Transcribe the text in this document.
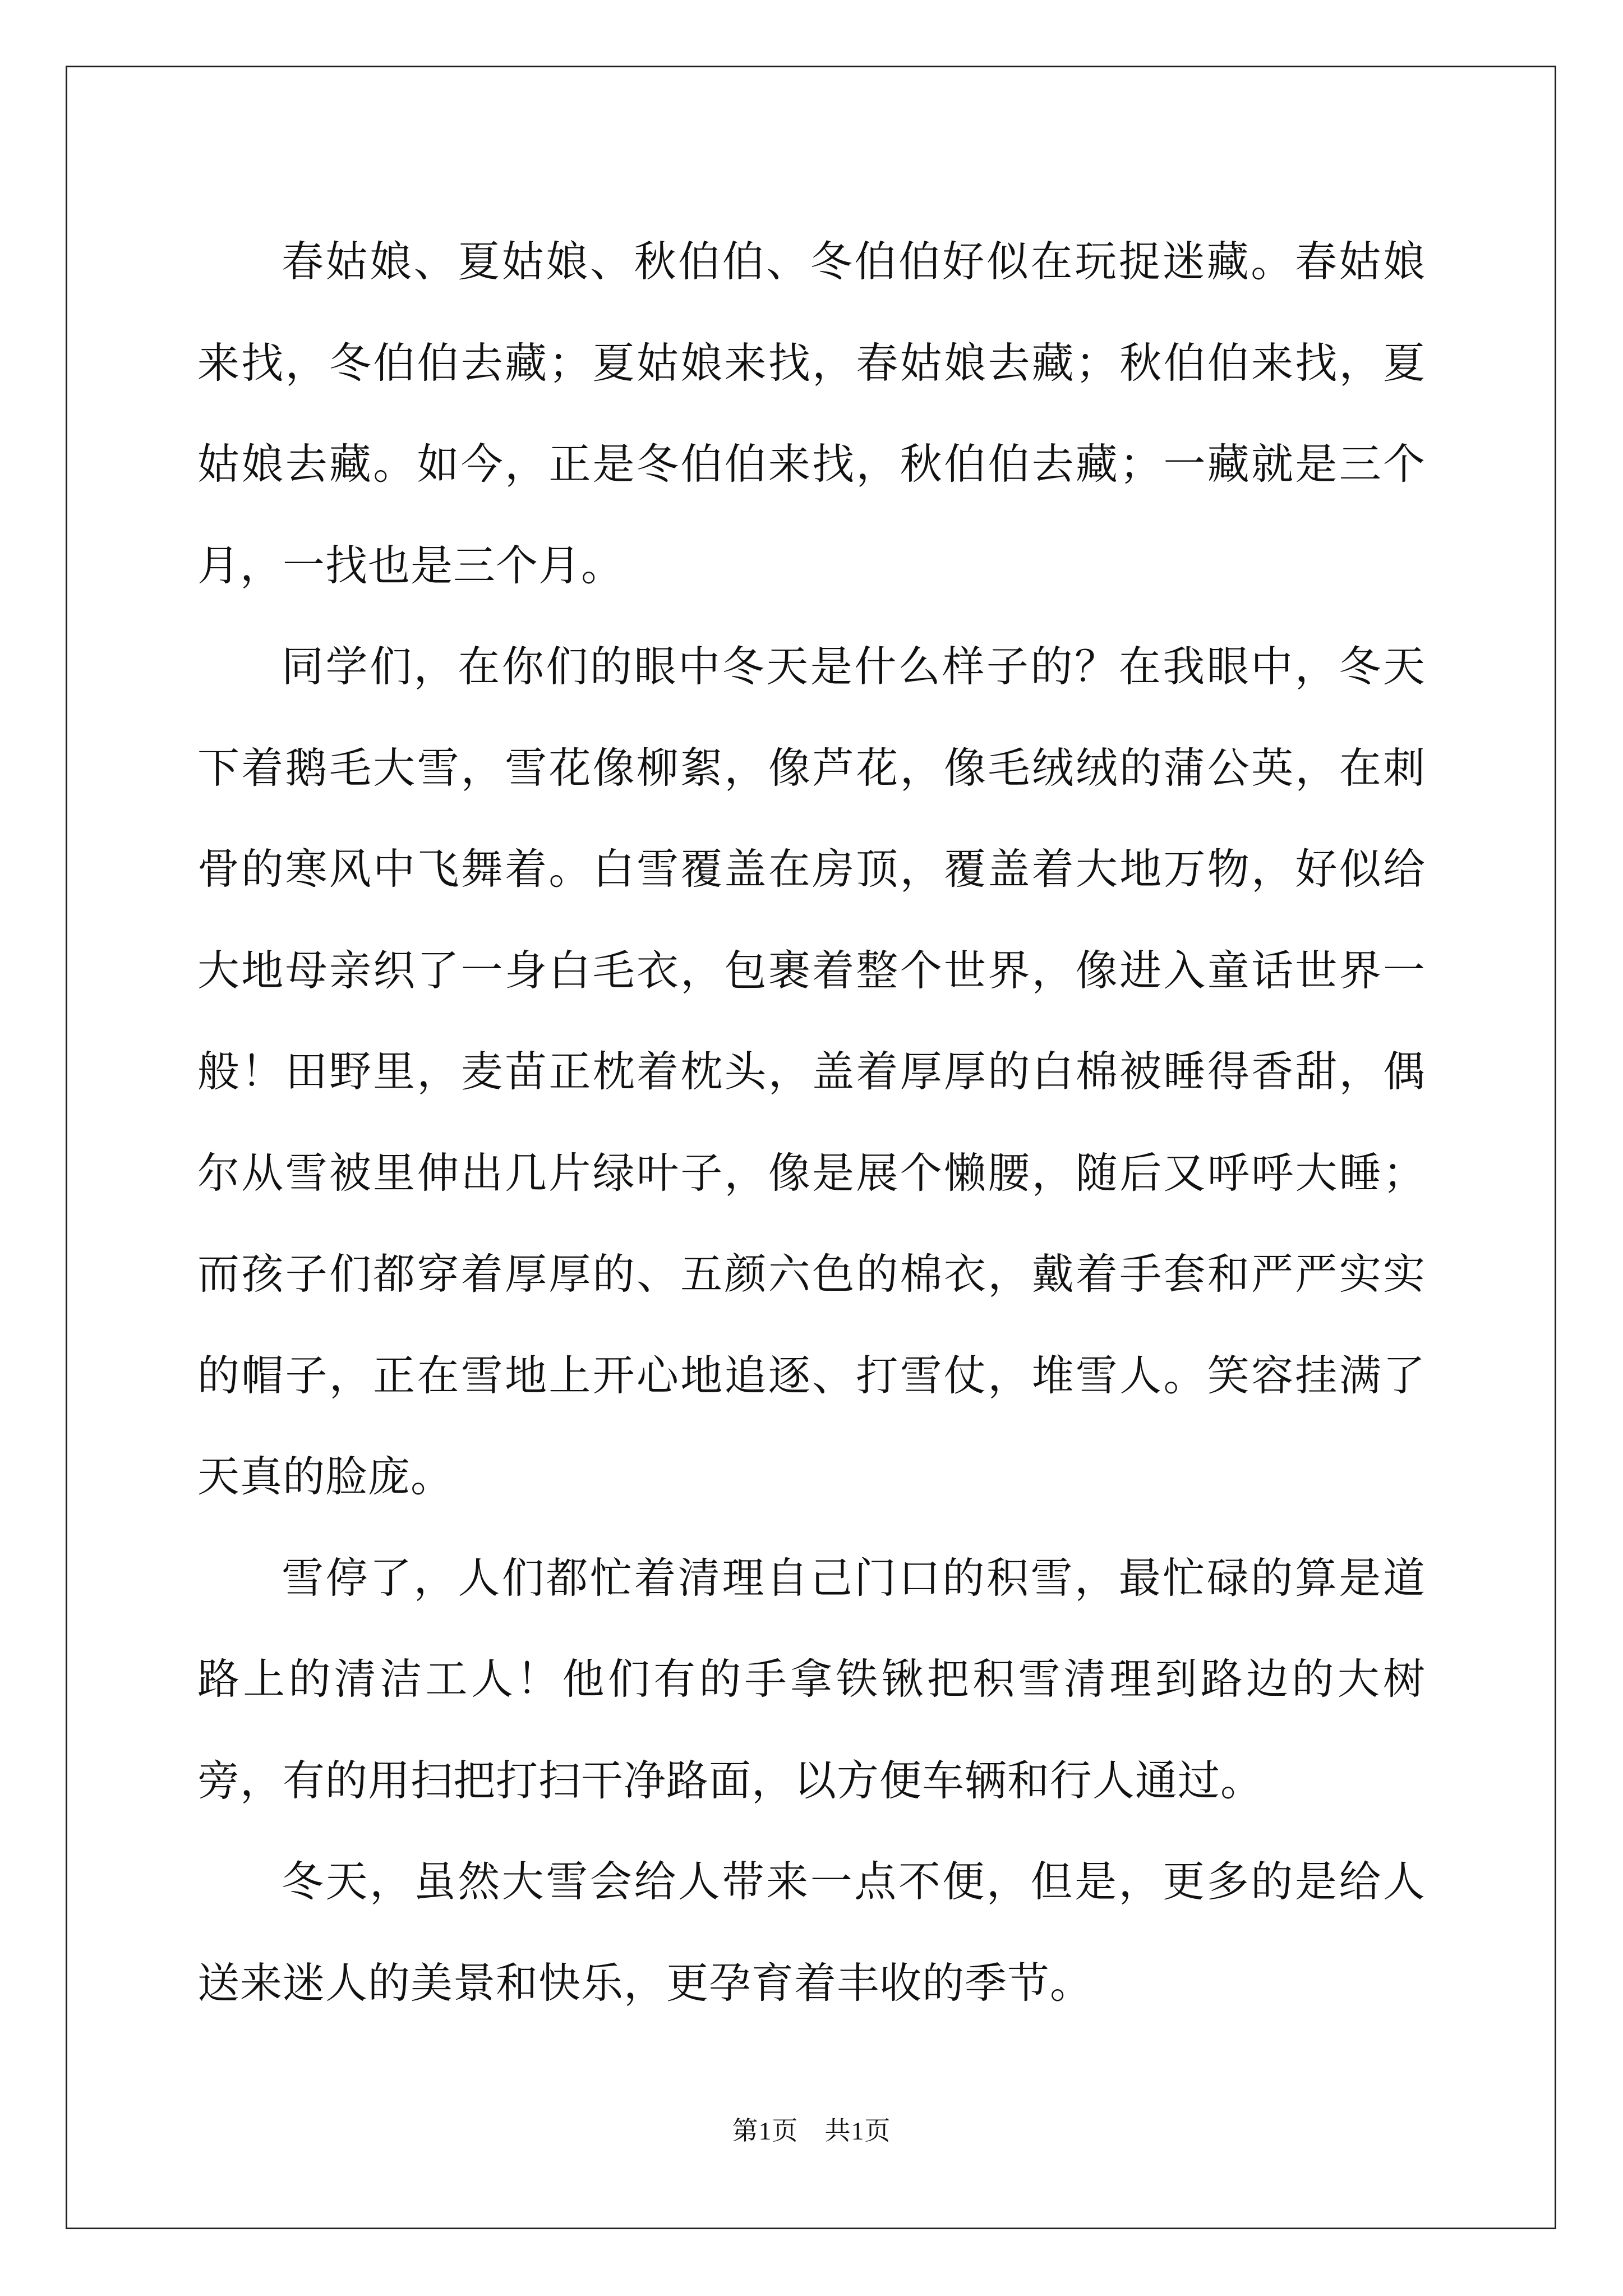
春姑娘、夏姑娘、秋伯伯、冬伯伯好似在玩捉迷藏。春姑娘来找，冬伯伯去藏；夏姑娘来找，春姑娘去藏；秋伯伯来找，夏姑娘去藏。如今，正是冬伯伯来找，秋伯伯去藏；一藏就是三个月，一找也是三个月。

同学们，在你们的眼中冬天是什么样子的？在我眼中，冬天下着鹅毛大雪，雪花像柳絮，像芦花，像毛绒绒的蒲公英，在刺骨的寒风中飞舞着。白雪覆盖在房顶，覆盖着大地万物，好似给大地母亲织了一身白毛衣，包裹着整个世界，像进入童话世界一般！田野里，麦苗正枕着枕头，盖着厚厚的白棉被睡得香甜，偶尔从雪被里伸出几片绿叶子，像是展个懒腰，随后又呼呼大睡；而孩子们都穿着厚厚的、五颜六色的棉衣，戴着手套和严严实实的帽子，正在雪地上开心地追逐、打雪仗，堆雪人。笑容挂满了天真的脸庞。

雪停了，人们都忙着清理自己门口的积雪，最忙碌的算是道路上的清洁工人！他们有的手拿铁锹把积雪清理到路边的大树旁，有的用扫把打扫干净路面，以方便车辆和行人通过。

冬天，虽然大雪会给人带来一点不便，但是，更多的是给人送来迷人的美景和快乐，更孕育着丰收的季节。

第1页　共1页
